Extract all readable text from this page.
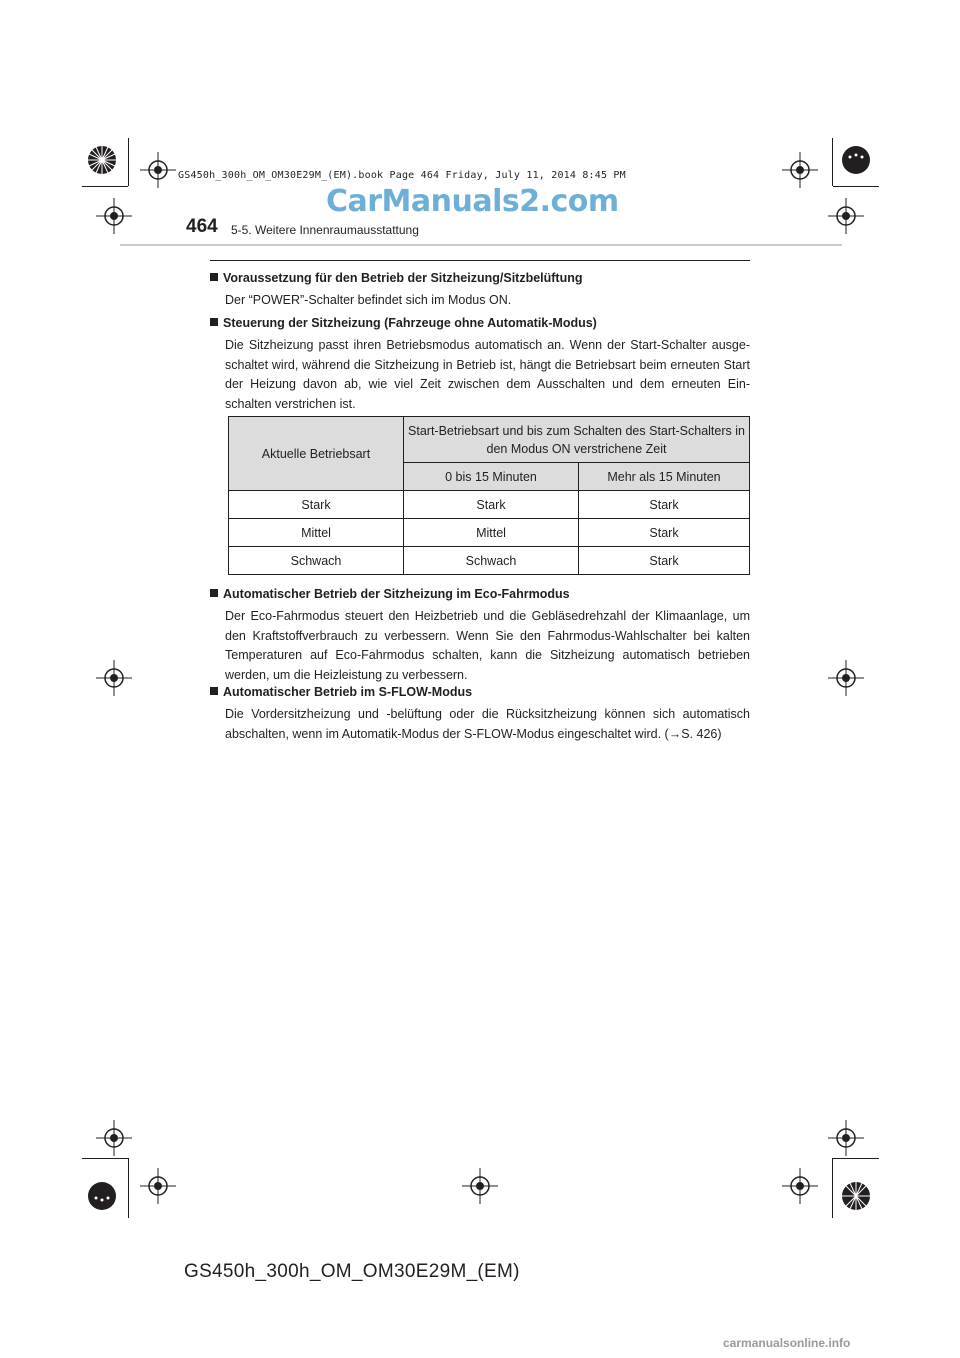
GS450h_300h_OM_OM30E29M_(EM).book Page 464 Friday, July 11, 2014 8:45 PM
CarManuals2.com
464 5-5. Weitere Innenraumausstattung
Voraussetzung für den Betrieb der Sitzheizung/Sitzbelüftung
Der “POWER”-Schalter befindet sich im Modus ON.
Steuerung der Sitzheizung (Fahrzeuge ohne Automatik-Modus)
Die Sitzheizung passt ihren Betriebsmodus automatisch an. Wenn der Start-Schalter ausge-schaltet wird, während die Sitzheizung in Betrieb ist, hängt die Betriebsart beim erneuten Start der Heizung davon ab, wie viel Zeit zwischen dem Ausschalten und dem erneuten Ein-schalten verstrichen ist.
Aktuelle Betriebsart	Start-Betriebsart und bis zum Schalten des Start-Schalters in den Modus ON verstrichene Zeit	
	0 bis 15 Minuten	Mehr als 15 Minuten
Stark	Stark	Stark
Mittel	Mittel	Stark
Schwach	Schwach	Stark
Automatischer Betrieb der Sitzheizung im Eco-Fahrmodus
Der Eco-Fahrmodus steuert den Heizbetrieb und die Gebläsedrehzahl der Klimaanlage, um den Kraftstoffverbrauch zu verbessern. Wenn Sie den Fahrmodus-Wahlschalter bei kalten Temperaturen auf Eco-Fahrmodus schalten, kann die Sitzheizung automatisch betrieben werden, um die Heizleistung zu verbessern.
Automatischer Betrieb im S-FLOW-Modus
Die Vordersitzheizung und -belüftung oder die Rücksitzheizung können sich automatisch abschalten, wenn im Automatik-Modus der S-FLOW-Modus eingeschaltet wird. (→S. 426)
GS450h_300h_OM_OM30E29M_(EM)
carmanualsonline.info
